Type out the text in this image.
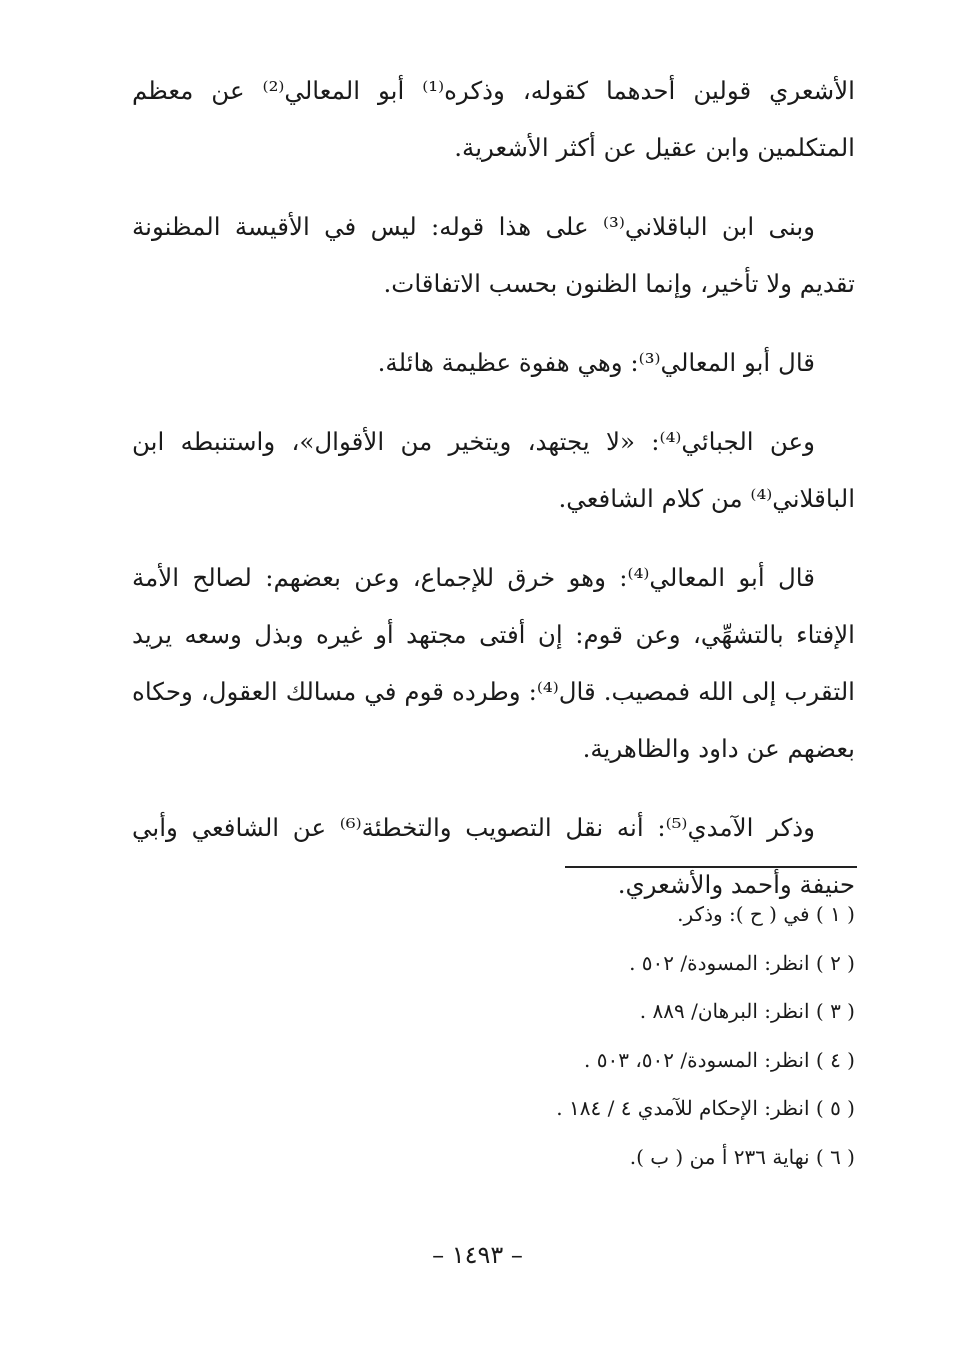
الأشعري قولين أحدهما كقوله، وذكره⁽¹⁾ أبو المعالي⁽²⁾ عن معظم المتكلمين وابن عقيل عن أكثر الأشعرية.

وبنى ابن الباقلاني⁽³⁾ على هذا قوله: ليس في الأقيسة المظنونة تقديم ولا تأخير، وإنما الظنون بحسب الاتفاقات.

قال أبو المعالي⁽³⁾: وهي هفوة عظيمة هائلة.

وعن الجبائي⁽⁴⁾: «لا يجتهد، ويتخير من الأقوال»، واستنبطه ابن الباقلاني⁽⁴⁾ من كلام الشافعي.

قال أبو المعالي⁽⁴⁾: وهو خرق للإجماع، وعن بعضهم: لصالح الأمة الإفتاء بالتشهِّي، وعن قوم: إن أفتى مجتهد أو غيره وبذل وسعه يريد التقرب إلى الله فمصيب. قال⁽⁴⁾: وطرده قوم في مسالك العقول، وحكاه بعضهم عن داود والظاهرية.

وذكر الآمدي⁽⁵⁾: أنه نقل التصويب والتخطئة⁽⁶⁾ عن الشافعي وأبي حنيفة وأحمد والأشعري.

( ١ ) في ( ح ): وذكر.
( ٢ ) انظر: المسودة/ ٥٠٢ .
( ٣ ) انظر: البرهان/ ٨٨٩ .
( ٤ ) انظر: المسودة/ ٥٠٢، ٥٠٣ .
( ٥ ) انظر: الإحكام للآمدي ٤ / ١٨٤ .
( ٦ ) نهاية ٢٣٦ أ من ( ب ).
– ١٤٩٣ –
